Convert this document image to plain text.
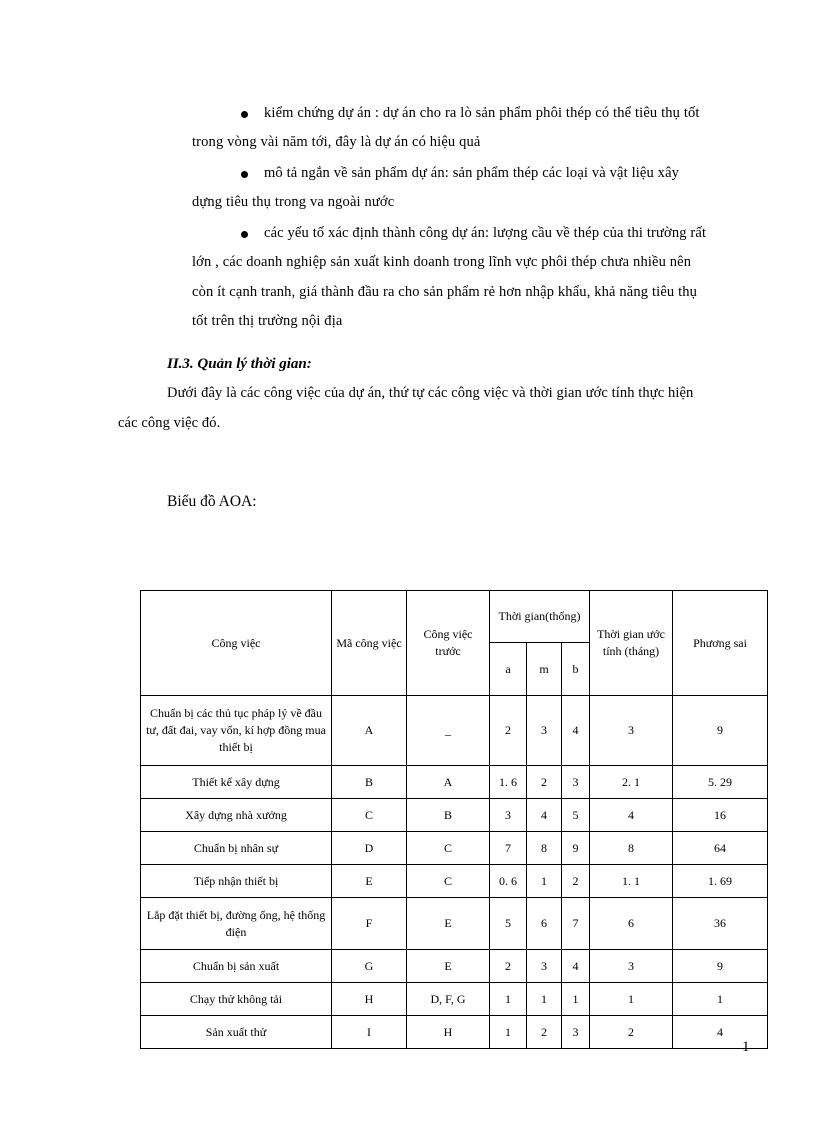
kiểm chứng dự án : dự án cho ra lò sản phẩm phôi thép có thể tiêu thụ tốt
trong vòng vài năm tới, đây là dự án có hiệu quả
mô tả ngắn về sản phẩm dự án: sản phẩm thép các loại và vật liệu xây
dựng tiêu thụ trong va ngoài nước
các yếu tố xác định thành công dự án: lượng cầu về thép của thi trường rất
lớn , các doanh nghiệp sản xuất kinh doanh trong lĩnh vực phôi thép chưa nhiều nên
còn ít cạnh tranh, giá thành đầu ra cho sản phẩm rẻ hơn nhập khẩu, khả năng tiêu thụ
tốt trên thị trường nội địa
II.3. Quản lý thời gian:
Dưới đây là các công việc của dự án, thứ tự các công việc và thời gian ước tính thực hiện
các công việc đó.
Biểu đồ AOA:
Công việc	Mã công việc	Công việc trước	Thời gian(thống)			Thời gian ước tính (tháng)	Phương sai
			a	m	b		
Chuẩn bị các thủ tục pháp lý về đầu tư, đất đai, vay vốn, kí hợp đồng mua thiết bị	A	_	2	3	4	3	9
Thiết kế xây dựng	B	A	1. 6	2	3	2. 1	5. 29
Xây dựng nhà xưởng	C	B	3	4	5	4	16
Chuẩn bị nhân sự	D	C	7	8	9	8	64
Tiếp nhận thiết bị	E	C	0. 6	1	2	1. 1	1. 69
Lắp đặt thiết bị, đường ống, hệ thống điện	F	E	5	6	7	6	36
Chuẩn bị sản xuất	G	E	2	3	4	3	9
Chạy thử không tải	H	D, F, G	1	1	1	1	1
Sản xuất thử	I	H	1	2	3	2	4
1
